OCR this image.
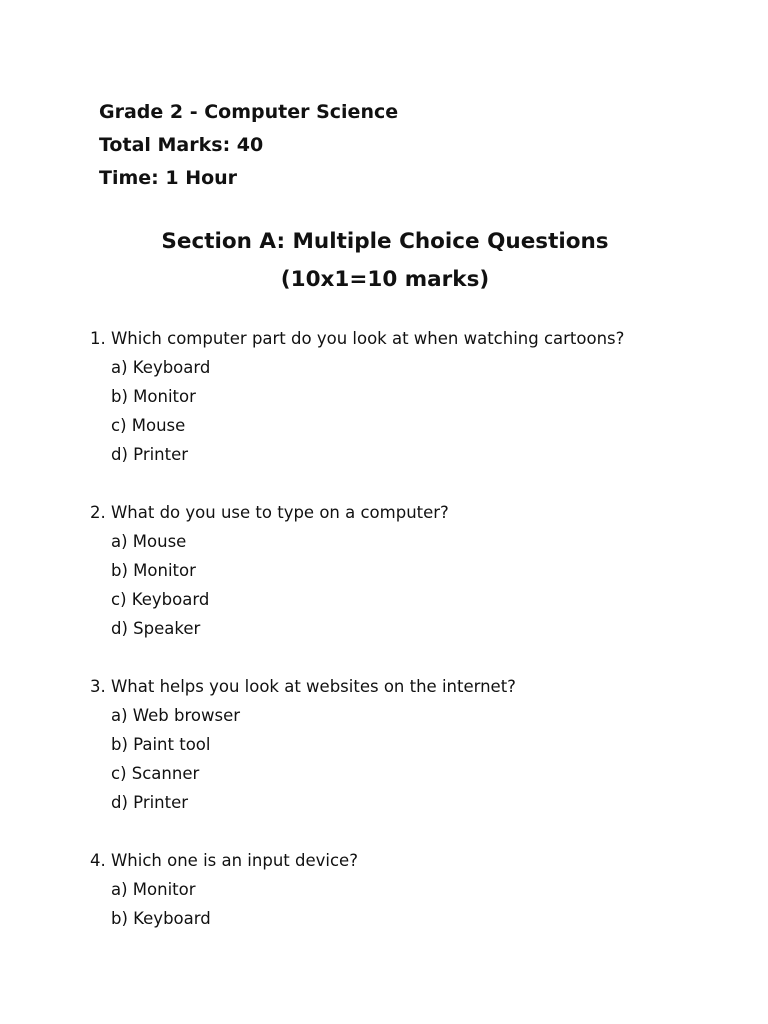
Grade 2 - Computer Science
Total Marks: 40
Time: 1 Hour
Section A: Multiple Choice Questions (10x1=10 marks)
1. Which computer part do you look at when watching cartoons?
a) Keyboard
b) Monitor
c) Mouse
d) Printer
2. What do you use to type on a computer?
a) Mouse
b) Monitor
c) Keyboard
d) Speaker
3. What helps you look at websites on the internet?
a) Web browser
b) Paint tool
c) Scanner
d) Printer
4. Which one is an input device?
a) Monitor
b) Keyboard
